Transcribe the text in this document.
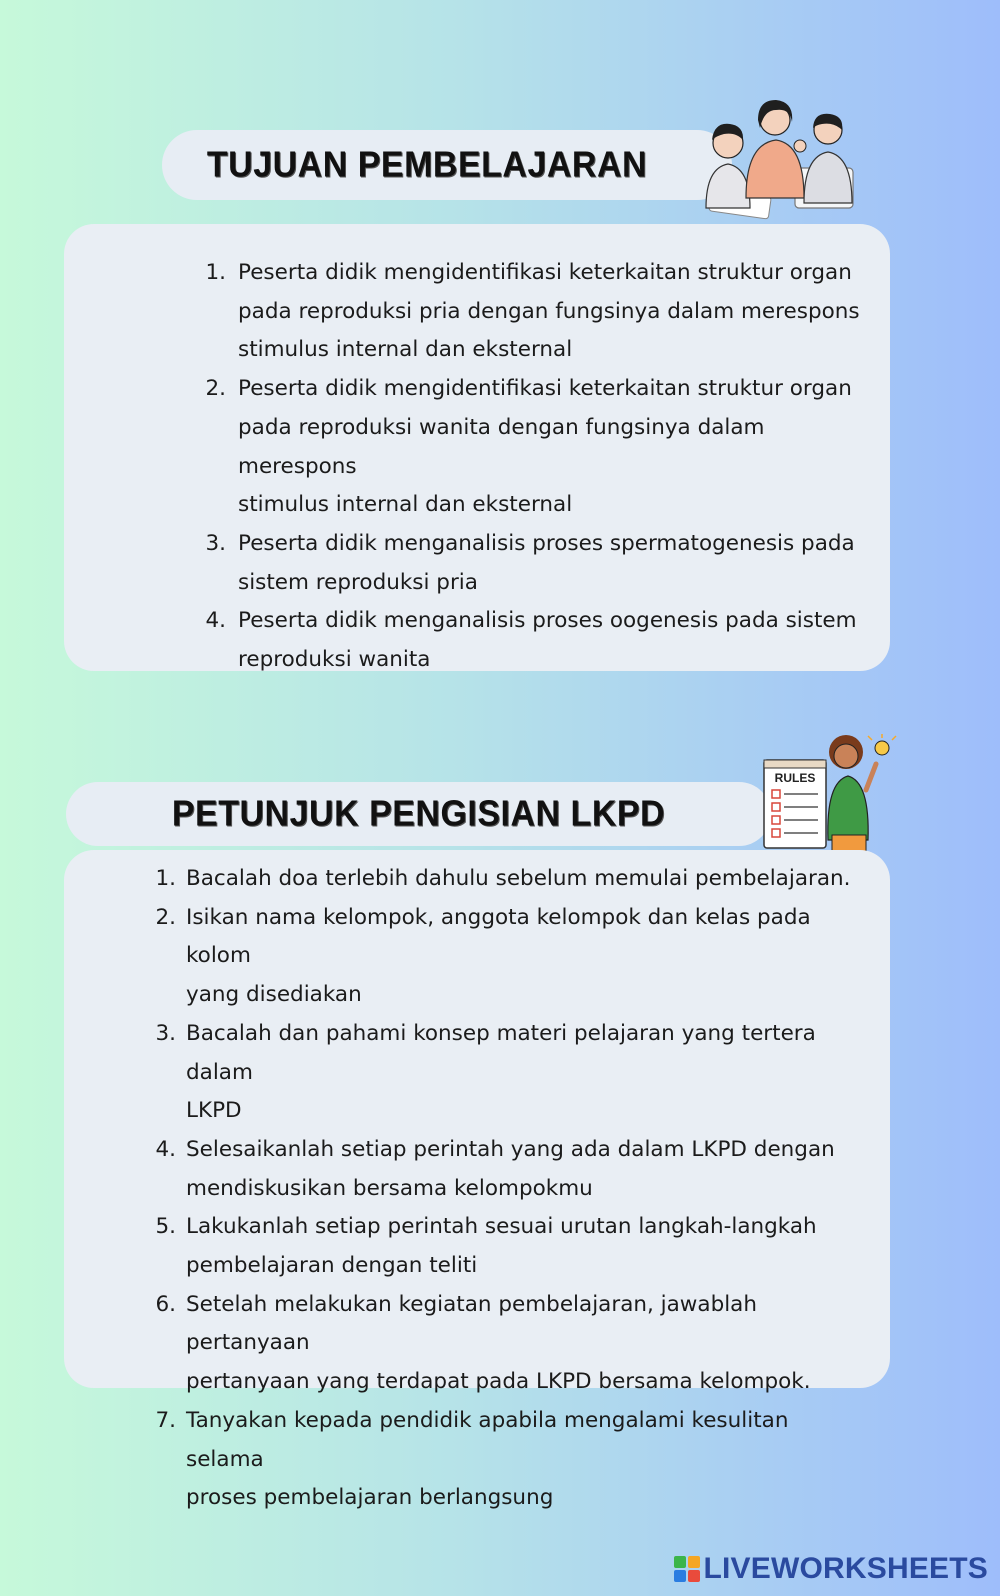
TUJUAN PEMBELAJARAN
1. Peserta didik mengidentifikasi keterkaitan struktur organ
pada reproduksi pria dengan fungsinya dalam merespons
stimulus internal dan eksternal
2. Peserta didik mengidentifikasi keterkaitan struktur organ
pada reproduksi wanita dengan fungsinya dalam merespons
stimulus internal dan eksternal
3. Peserta didik menganalisis proses spermatogenesis pada
sistem reproduksi pria
4. Peserta didik menganalisis proses oogenesis pada sistem
reproduksi wanita
PETUNJUK PENGISIAN LKPD
RULES
1. Bacalah doa terlebih dahulu sebelum memulai pembelajaran.
2. Isikan nama kelompok, anggota kelompok dan kelas pada kolom
yang disediakan
3. Bacalah dan pahami konsep materi pelajaran yang tertera dalam
LKPD
4. Selesaikanlah setiap perintah yang ada dalam LKPD dengan
mendiskusikan bersama kelompokmu
5. Lakukanlah setiap perintah sesuai urutan langkah-langkah
pembelajaran dengan teliti
6. Setelah melakukan kegiatan pembelajaran, jawablah pertanyaan
pertanyaan yang terdapat pada LKPD bersama kelompok.
7. Tanyakan kepada pendidik apabila mengalami kesulitan selama
proses pembelajaran berlangsung
LIVEWORKSHEETS
